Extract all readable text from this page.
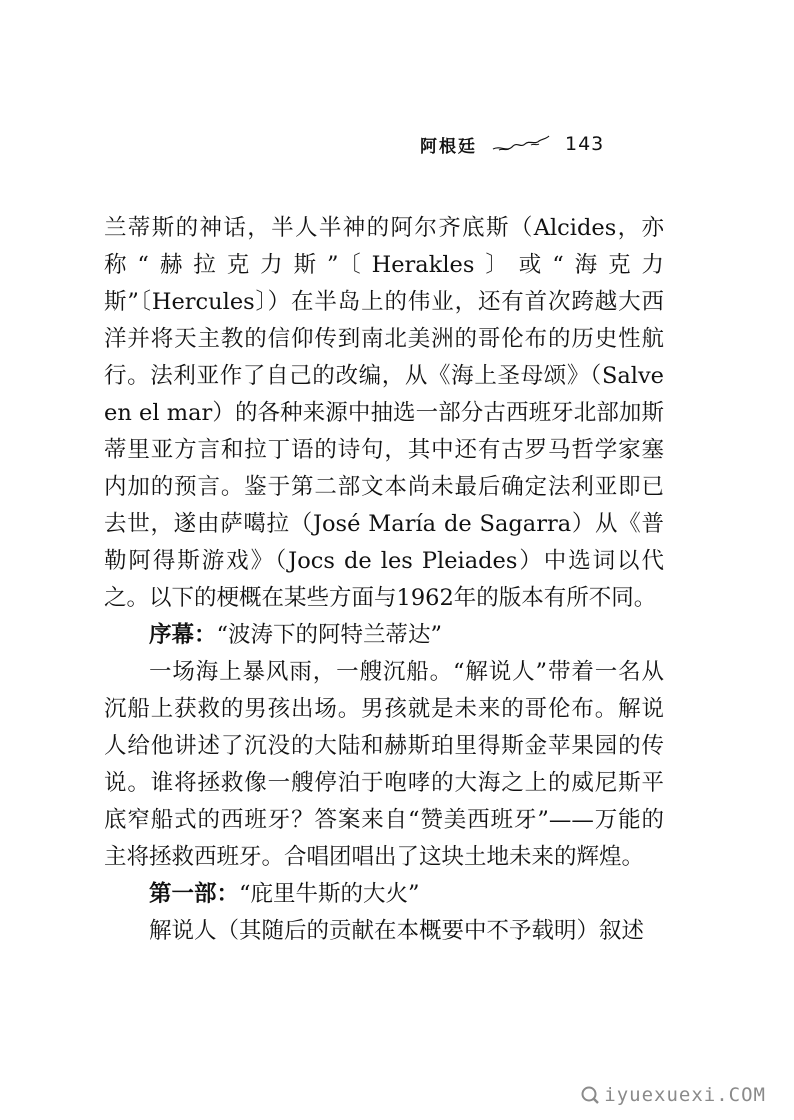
阿根廷	143

兰蒂斯的神话，半人半神的阿尔齐底斯（Alcides，亦称“赫拉克力斯”〔Herakles〕或“海克力斯”〔Hercules〕）在半岛上的伟业，还有首次跨越大西洋并将天主教的信仰传到南北美洲的哥伦布的历史性航行。法利亚作了自己的改编，从《海上圣母颂》（Salve en el mar）的各种来源中抽选一部分古西班牙北部加斯蒂里亚方言和拉丁语的诗句，其中还有古罗马哲学家塞内加的预言。鉴于第二部文本尚未最后确定法利亚即已去世，遂由萨噶拉（José María de Sagarra）从《普勒阿得斯游戏》（Jocs de les Pleiades）中选词以代之。以下的梗概在某些方面与1962年的版本有所不同。

序幕：“波涛下的阿特兰蒂达”

一场海上暴风雨，一艘沉船。“解说人”带着一名从沉船上获救的男孩出场。男孩就是未来的哥伦布。解说人给他讲述了沉没的大陆和赫斯珀里得斯金苹果园的传说。谁将拯救像一艘停泊于咆哮的大海之上的威尼斯平底窄船式的西班牙？答案来自“赞美西班牙”——万能的主将拯救西班牙。合唱团唱出了这块土地未来的辉煌。

第一部：“庇里牛斯的大火”

解说人（其随后的贡献在本概要中不予载明）叙述

iyuexuexi.COM
